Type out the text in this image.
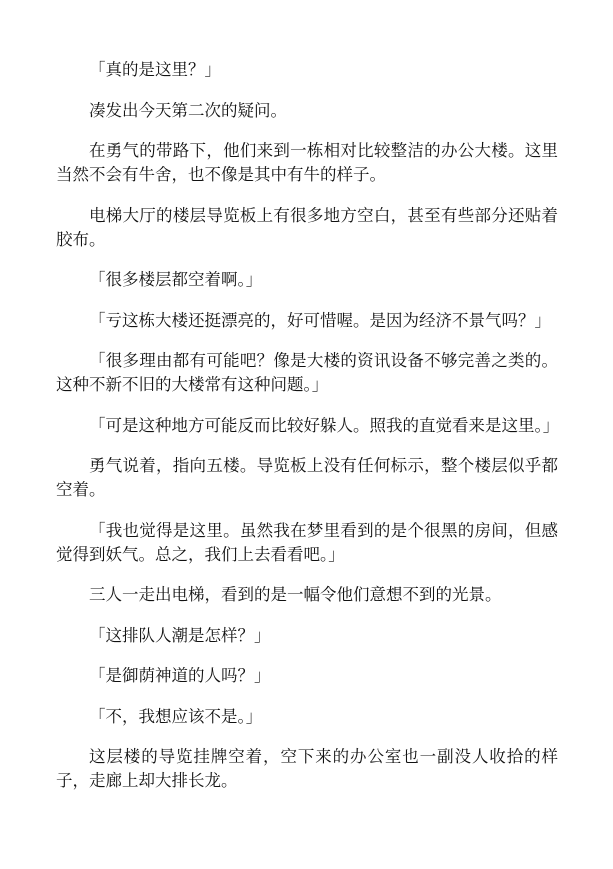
「真的是这里？」

凑发出今天第二次的疑问。

在勇气的带路下，他们来到一栋相对比较整洁的办公大楼。这里当然不会有牛舍，也不像是其中有牛的样子。

电梯大厅的楼层导览板上有很多地方空白，甚至有些部分还贴着胶布。

「很多楼层都空着啊。」

「亏这栋大楼还挺漂亮的，好可惜喔。是因为经济不景气吗？」

「很多理由都有可能吧？像是大楼的资讯设备不够完善之类的。这种不新不旧的大楼常有这种问题。」

「可是这种地方可能反而比较好躲人。照我的直觉看来是这里。」

勇气说着，指向五楼。导览板上没有任何标示，整个楼层似乎都空着。

「我也觉得是这里。虽然我在梦里看到的是个很黑的房间，但感觉得到妖气。总之，我们上去看看吧。」

三人一走出电梯，看到的是一幅令他们意想不到的光景。

「这排队人潮是怎样？」

「是御荫神道的人吗？」

「不，我想应该不是。」

这层楼的导览挂牌空着，空下来的办公室也一副没人收拾的样子，走廊上却大排长龙。
